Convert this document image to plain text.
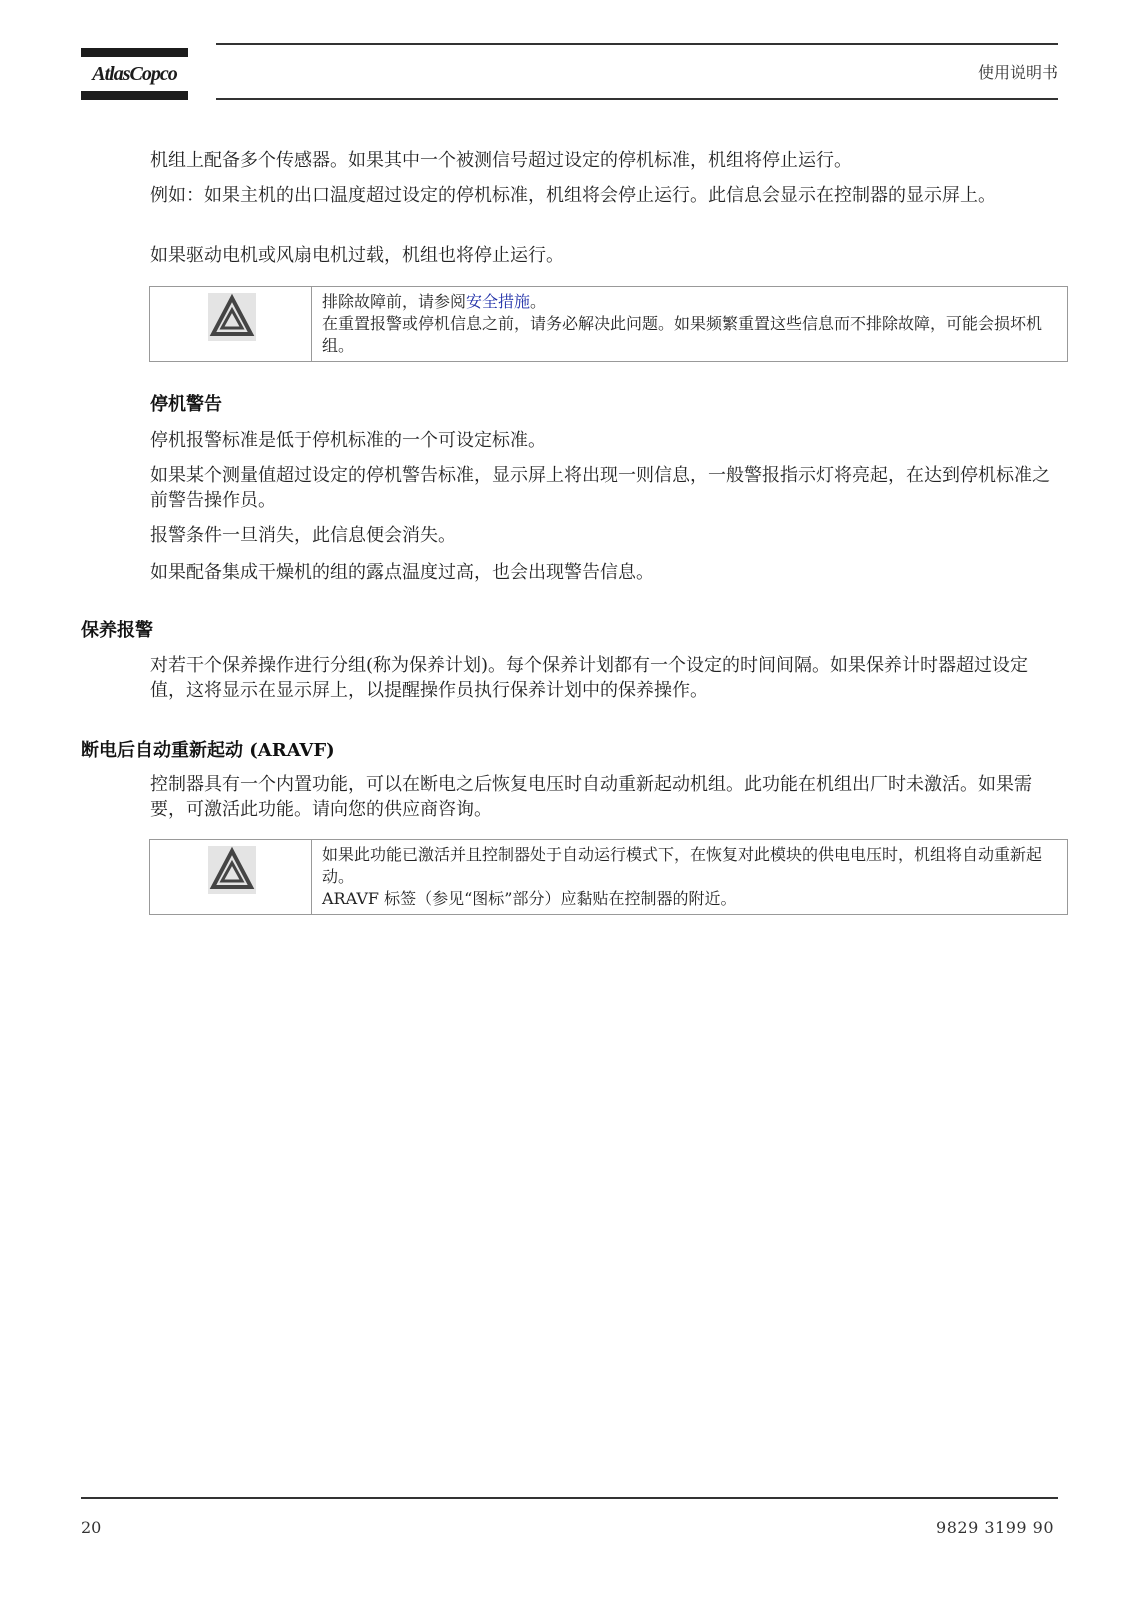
AtlasCopco	使用说明书

机组上配备多个传感器。如果其中一个被测信号超过设定的停机标准，机组将停止运行。

例如：如果主机的出口温度超过设定的停机标准，机组将会停止运行。此信息会显示在控制器的显示屏上。

如果驱动电机或风扇电机过载，机组也将停止运行。

排除故障前，请参阅安全措施。
在重置报警或停机信息之前，请务必解决此问题。如果频繁重置这些信息而不排除故障，可能会损坏机组。
停机警告

停机报警标准是低于停机标准的一个可设定标准。

如果某个测量值超过设定的停机警告标准，显示屏上将出现一则信息，一般警报指示灯将亮起，在达到停机标准之前警告操作员。

报警条件一旦消失，此信息便会消失。

如果配备集成干燥机的组的露点温度过高，也会出现警告信息。

保养报警

对若干个保养操作进行分组(称为保养计划)。每个保养计划都有一个设定的时间间隔。如果保养计时器超过设定值，这将显示在显示屏上，以提醒操作员执行保养计划中的保养操作。

断电后自动重新起动 (ARAVF)

控制器具有一个内置功能，可以在断电之后恢复电压时自动重新起动机组。此功能在机组出厂时未激活。如果需要，可激活此功能。请向您的供应商咨询。

如果此功能已激活并且控制器处于自动运行模式下，在恢复对此模块的供电电压时，机组将自动重新起动。
ARAVF 标签（参见“图标”部分）应黏贴在控制器的附近。
20	9829 3199 90
